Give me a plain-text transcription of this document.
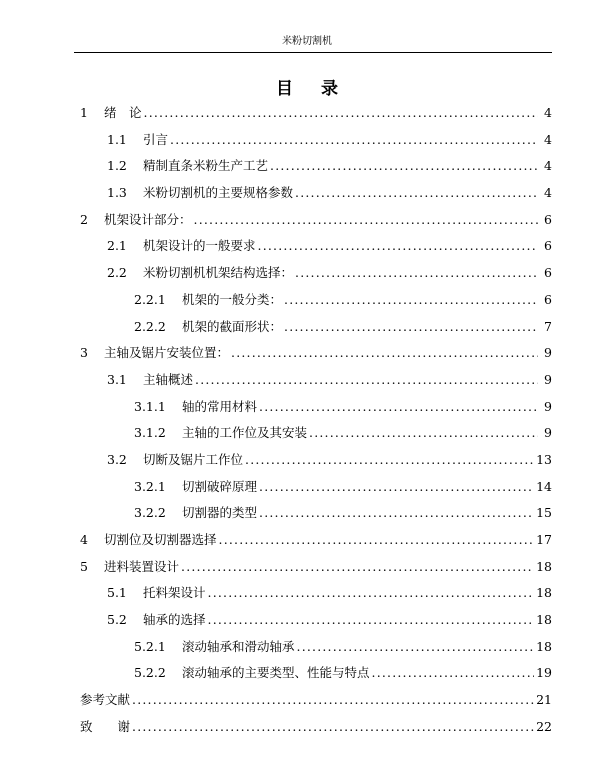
米粉切割机
目录
1	绪　论 .....	4
1.1	引言 .....	4
1.2	精制直条米粉生产工艺 .....	4
1.3	米粉切割机的主要规格参数 .....	4
2	机架设计部分： .....	6
2.1	机架设计的一般要求 .....	6
2.2	米粉切割机机架结构选择： .....	6
2.2.1	机架的一般分类： .....	6
2.2.2	机架的截面形状： .....	7
3	主轴及锯片安装位置： .....	9
3.1	主轴概述 .....	9
3.1.1	轴的常用材料 .....	9
3.1.2	主轴的工作位及其安装 .....	9
3.2	切断及锯片工作位 .....	13
3.2.1	切割破碎原理 .....	14
3.2.2	切割器的类型 .....	15
4	切割位及切割器选择 .....	17
5	进料装置设计 .....	18
5.1	托料架设计 .....	18
5.2	轴承的选择 .....	18
5.2.1	滚动轴承和滑动轴承 .....	18
5.2.2	滚动轴承的主要类型、性能与特点 .....	19
参考文献 .....	21
致　　谢 .....	22
